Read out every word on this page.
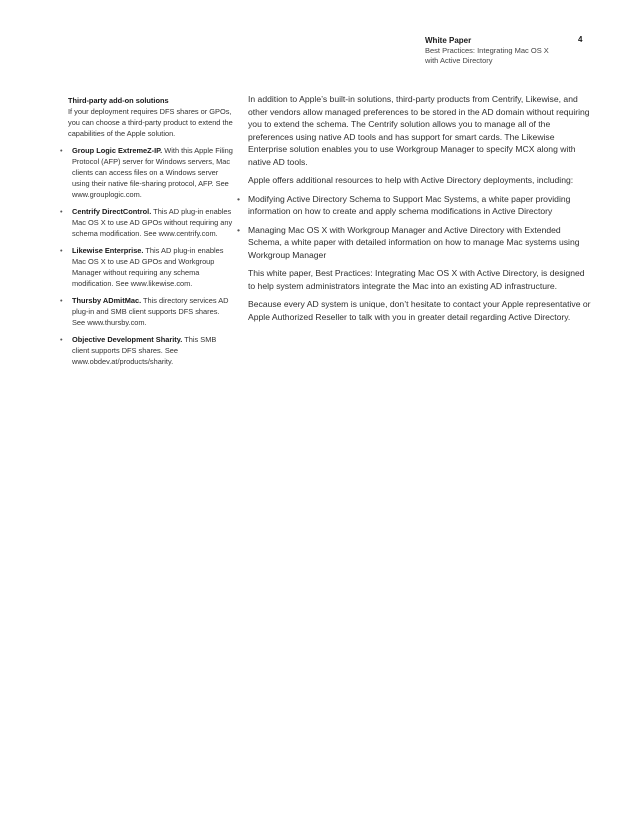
White Paper
Best Practices: Integrating Mac OS X
with Active Directory
4
Third-party add-on solutions
If your deployment requires DFS shares or GPOs, you can choose a third-party product to extend the capabilities of the Apple solution.
• Group Logic ExtremeZ-IP. With this Apple Filing Protocol (AFP) server for Windows servers, Mac clients can access files on a Windows server using their native file-sharing protocol, AFP. See www.grouplogic.com.
• Centrify DirectControl. This AD plug-in enables Mac OS X to use AD GPOs without requiring any schema modification. See www.centrify.com.
• Likewise Enterprise. This AD plug-in enables Mac OS X to use AD GPOs and Workgroup Manager without requiring any schema modification. See www.likewise.com.
• Thursby ADmitMac. This directory services AD plug-in and SMB client supports DFS shares. See www.thursby.com.
• Objective Development Sharity. This SMB client supports DFS shares. See www.obdev.at/products/sharity.

In addition to Apple’s built-in solutions, third-party products from Centrify, Likewise, and other vendors allow managed preferences to be stored in the AD domain without requiring you to extend the schema. The Centrify solution allows you to manage all of the preferences using native AD tools and has support for smart cards. The Likewise Enterprise solution enables you to use Workgroup Manager to specify MCX along with native AD tools.

Apple offers additional resources to help with Active Directory deployments, including:

• Modifying Active Directory Schema to Support Mac Systems, a white paper providing information on how to create and apply schema modifications in Active Directory
• Managing Mac OS X with Workgroup Manager and Active Directory with Extended Schema, a white paper with detailed information on how to manage Mac systems using Workgroup Manager

This white paper, Best Practices: Integrating Mac OS X with Active Directory, is designed to help system administrators integrate the Mac into an existing AD infrastructure.

Because every AD system is unique, don’t hesitate to contact your Apple representative or Apple Authorized Reseller to talk with you in greater detail regarding Active Directory.
